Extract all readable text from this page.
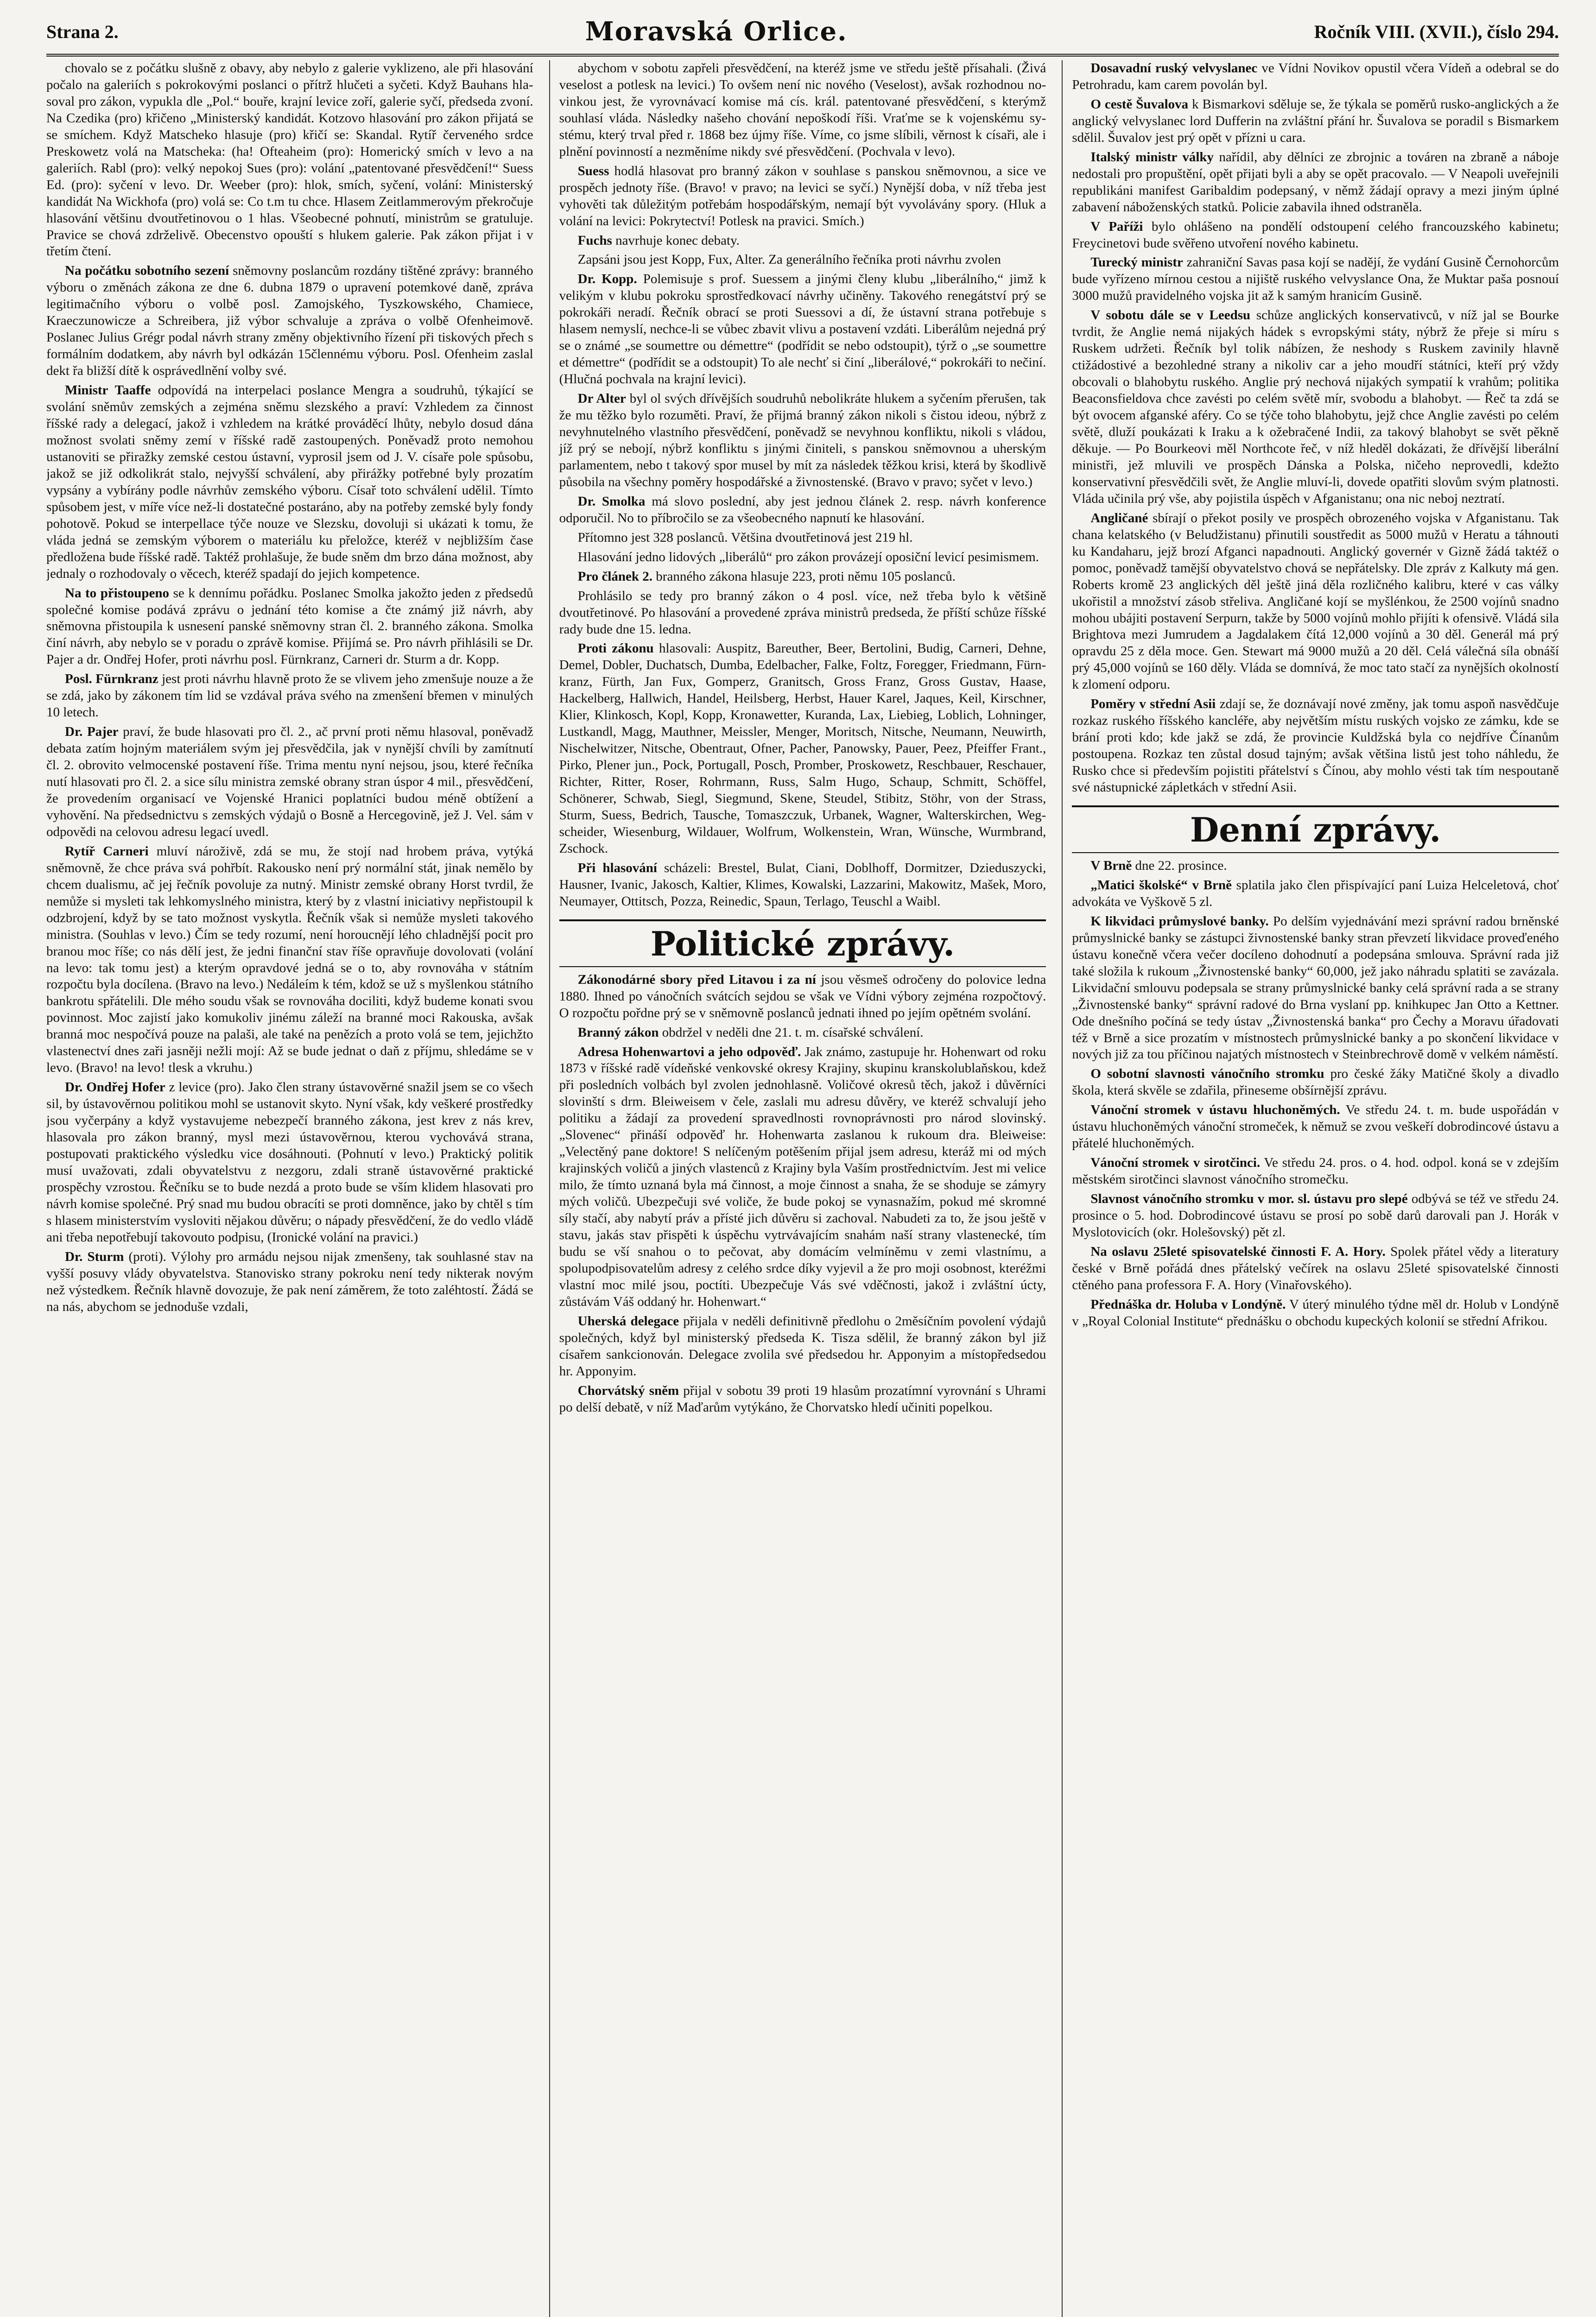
Strana 2.	Moravská Orlice.	Ročník VIII. (XVII.), číslo 294.

chovalo se z počátku slušně z obavy, aby nebylo z galerie vyklizeno, ale při hlasování počalo na galeriích s pokrokovými poslanci o přítrž hlučeti a syčeti. Když Bauhans hlasoval pro zákon, vypukla dle „Pol.“ bouře, krajní levice zoří, galerie syčí, předseda zvoní. Na Czedika (pro) křičeno „Ministerský kandidát. Kotzovo hlasování pro zákon přijatá se se smíchem. Když Matscheko hlasuje (pro) křičí se: Skandal. Rytíř červeného srdce Preskowetz volá na Matschekа: (ha! Ofteaheim (pro): Homerický smích v levo a na galeriích. Rabl (pro): velký nepokoj Sues (pro): volání „patentované přesvědčení!“ Suess Ed. (pro): syčení v levo. Dr. Weeber (pro): hlok, smích, syčení, volání: Ministerský kandidát Na Wickhofa (pro) volá se: Co t.m tu chce. Hlasem Zeitlammerovým překročuje hlasování většinu dvoutřetinovou o 1 hlas. Všeobecné pohnutí, ministrům se gratuluje. Pravice se chová zdrželivě. Obecenstvo opouští s hlukem galerie. Pak zákon přijat i v třetím čtení.

Na počátku sobotního sezení sněmovny poslancům rozdány tištěné zprávy: branného výboru o změnách zákona ze dne 6. dubna 1879 o upravení potemkové daně, zpráva legitimačního výboru o volbě posl. Zamojského, Tyszkowského, Chamiece, Kraeczunowicze a Schreibera, již výbor schvaluje a zpráva o volbě Ofenheimově. Poslanec Julius Grégr podal návrh strany změny objektivního řízení při tiskových přech s formálním dodatkem, aby návrh byl odkázán 15člennému výboru. Posl. Ofenheim zaslal dekt řa bližší dítě k osprávedlnění volby své.

Ministr Taaffe odpovídá na interpelaci poslance Mengra a soudruhů, týkající se svolání sněmův zemských a zejména sněmu slezského a praví: Vzhledem za činnost říšské rady a delegací, jakož i vzhledem na krátké prováděcí lhůty, nebylo dosud dána možnost svolati sněmy zemí v říšské radě zastoupených. Poněvadž proto nemohou ustanoviti se přiražky zemské cestou ústavní, vyprosil jsem od J. V. císaře pole spůsobu, jakož se již odkolikrát stalo, nejvyšší schválení, aby přirážky potřebné byly prozatím vypsány a vybírány podle návrhův zemského výboru. Císař toto schválení udělil. Tímto spůsobem jest, v míře více než-li dostatečné postaráno, aby na potřeby zemské byly fondy pohotově. Pokud se interpellace týče nouze ve Slezsku, dovoluji si ukázati k tomu, že vláda jedná se zemským výborem o materiálu ku přeložce, kteréž v nejbližším čase předložena bude říšské radě. Taktéž prohlašuje, že bude sněm dm brzo dána možnost, aby jednaly o rozhodovaly o věcech, kteréž spadají do jejich kompetence.

Na to přistoupeno se k dennímu pořádku. Poslanec Smolka jakožto jeden z předsedů společné komise podává zprávu o jednání této komise a čte známý již návrh, aby sněmovna přistoupila k usnesení panské sněmovny stran čl. 2. branného zákona. Smolka činí návrh, aby nebylo se v poradu o zprávě komise. Přijímá se. Pro návrh přihlásili se Dr. Pajer a dr. Ondřej Hofer, proti návrhu posl. Fürnkranz, Carneri dr. Sturm a dr. Kopp.

Posl. Fürnkranz jest proti návrhu hlavně proto že se vlivem jeho zmenšuje nouze a že se zdá, jako by zákonem tím lid se vzdával práva svého na zmenšení břemen v minulých 10 letech.

Dr. Pajer praví, že bude hlasovati pro čl. 2., ač první proti němu hlasoval, poněvadž debata zatím hojným materiálem svým jej přesvědčila, jak v nynější chvíli by zamítnutí čl. 2. obrovito velmocenské postavení říše. Trima mentu nyní nejsou, jsou, které řečníka nutí hlasovati pro čl. 2. a sice sílu ministra zemské obrany stran úspor 4 mil., přesvědčení, že provedením organisací ve Vojenské Hranici poplatníci budou méně obtížení a vyhovění. Na předsednictvu s zemských výdajů o Bosně a Hercegovině, jež J. Vel. sám v odpovědi na celovou adresu legací uvedl.

Rytíř Carneri mluví nároživě, zdá se mu, že stojí nad hrobem práva, vytýká sněmovně, že chce práva svá pohřbít. Rakousko není prý normální stát, jinak nemělo by chcem dualismu, ač jej řečník povoluje za nutný. Ministr zemské obrany Horst tvrdil, že nemůže si mysleti tak lehkomyslného ministra, který by z vlastní iniciativy nepřistoupil k odzbrojení, když by se tato možnost vyskytla. Řečník však si nemůže mysleti takového ministra. (Souhlas v levo.) Čím se tedy rozumí, není horoucnějí lého chladnější pocit pro branou moc říše; co nás dělí jest, že jedni finanční stav říše opravňuje dovolovati (volání na levo: tak tomu jest) a kterým opravdové jedná se o to, aby rovnováha v státním rozpočtu byla docílena. (Bravo na levo.) Nedáleím k tém, kdož se už s myšlenkou státního bankrotu spřátelili. Dle mého soudu však se rovnováha dociliti, když budeme konati svou povinnost. Moc zajistí jako komukoliv jinému záleží na branné moci Rakouska, avšak branná moc nespočívá pouze na palaši, ale také na penězích a proto volá se tem, jejichžto vlastenectví dnes zaři jasněji nežli mojí: Až se bude jednat o daň z příjmu, shledáme se v levo. (Bravo! na levo! tlesk a vkruhu.)

Dr. Ondřej Hofer z levice (pro). Jako člen strany ústavověrné snažil jsem se co všech sil, by ústavověrnou politikou mohl se ustanovit skyto. Nyní však, kdy veškeré prostředky jsou vyčerpány a když vystavujeme nebezpečí branného zákona, jest krev z nás krev, hlasovala pro zákon branný, mysl mezi ústavověrnou, kterou vychovává strana, postupovati praktického výsledku vice dosáhnouti. (Pohnutí v levo.) Praktický politik musí uvažovati, zdali obyvatelstvu z nezgoru, zdali straně ústavověrné praktické prospěchy vzrostou. Řečníku se to bude nezdá a proto bude se vším klidem hlasovati pro návrh komise společné. Prý snad mu budou obracíti se proti domněnce, jako by chtěl s tím s hlasem ministerstvím vysloviti nějakou důvěru; o nápady přesvědčení, že do vedlo vládě ani třeba nepotřebují takovouto podpisu, (Ironické volání na pravici.)

Dr. Sturm (proti). Výlohy pro armádu nejsou nijak zmenšeny, tak souhlasné stav na vyšší posuvy vlády obyvatelstva. Stanovisko strany pokroku není tedy nikterak novým než výstedkem. Řečník hlavně dovozuje, že pak není záměrem, že toto zaléhtostí. Žádá se na nás, abychom se jednoduše vzdali,

abychom v sobotu zapřeli přesvědčení, na kteréž jsme ve středu ještě přísahali. (Živá veselost a potlesk na levici.) To ovšem není nic nového (Veselost), avšak rozhodnou novinkou jest, že vyrovnávací komise má cís. král. patentované přesvědčení, s kterýmž souhlasí vláda. Následky našeho chování nepoškodí říši. Vraťme se k vojenskému systému, který trval před r. 1868 bez újmy říše. Víme, co jsme slíbili, věrnost k císaři, ale i plnění povinností a nezměníme nikdy své přesvědčení. (Pochvala v levo).

Suess hodlá hlasovat pro branný zákon v souhlase s panskou sněmovnou, a sice ve prospěch jednoty říše. (Bravo! v pravo; na levici se syčí.) Nynější doba, v níž třeba jest vyhověti tak důležitým potřebám hospodářským, nemají být vyvolávány spory. (Hluk a volání na levici: Pokrytectví! Potlesk na pravici. Smích.)

Fuchs navrhuje konec debaty.

Zapsáni jsou jest Kopp, Fux, Alter. Za generálního řečníka proti návrhu zvolen

Dr. Kopp. Polemisuje s prof. Suessem a jinými členy klubu „liberálního,“ jimž k velikým v klubu pokroku sprostředkovací návrhy učiněny. Takového renegátství prý se pokrokáři neradí. Řečník obrací se proti Suessovi a dí, že ústavní strana potřebuje s hlasem nemyslí, nechce-li se vůbec zbavit vlivu a postavení vzdáti. Liberálům nejedná prý se o známé „se soumettre ou démettre“ (podřídit se nebo odstoupit), týrž o „se soumettre et démettre“ (podřídit se a odstoupit) To ale nechť si činí „liberálové,“ pokrokáři to nečiní. (Hlučná pochvala na krajní levici).

Dr Alter byl ol svých dřívějších soudruhů nebolikráte hlukem a syčením přerušen, tak že mu těžko bylo rozuměti. Praví, že přijmá branný zákon nikoli s čistou ideou, nýbrž z nevyhnutelného vlastního přesvědčení, poněvadž se nevyhnou konfliktu, nikoli s vládou, jíž prý se nebojí, nýbrž konfliktu s jinými činiteli, s panskou sněmovnou a uherským parlamentem, nebo t takový spor musel by mít za následek těžkou krisi, která by škodlivě působila na všechny poměry hospodářské a živnostenské. (Bravo v pravo; syčet v levo.)

Dr. Smolka má slovo poslední, aby jest jednou článek 2. resp. návrh konference odporučil. No to příbročilo se za všeobecného napnutí ke hlasování.

Přítomno jest 328 poslanců. Většina dvoutřetinová jest 219 hl.

Hlasování jedno lidových „liberálů“ pro zákon provázejí oposiční levicí pesimismem.

Pro článek 2. branného zákona hlasuje 223, proti němu 105 poslanců.

Prohlásilo se tedy pro branný zákon o 4 posl. více, než třeba bylo k většině dvoutřetinové. Po hlasování a provedené zpráva ministrů predseda, že příští schůze říšské rady bude dne 15. ledna.

Proti zákonu hlasovali: Auspitz, Bareuther, Beer, Bertolini, Budig, Carneri, Dehne, Demel, Dobler, Duchatsch, Dumba, Edelbacher, Falke, Foltz, Foregger, Friedmann, Fürnkranz, Fürth, Jan Fux, Gomperz, Granitsch, Gross Franz, Gross Gustav, Haase, Hackelberg, Hallwich, Handel, Heilsberg, Herbst, Hauer Karel, Jaques, Keil, Kirschner, Klier, Klinkosch, Kopl, Kopp, Kronawetter, Kuranda, Lax, Liebieg, Loblich, Lohninger, Lustkandl, Magg, Mauthner, Meissler, Menger, Moritsch, Nitsche, Neumann, Neuwirth, Nischelwitzer, Nitsche, Obentraut, Ofner, Pacher, Panowsky, Pauer, Peez, Pfeiffer Frant., Pirko, Plener jun., Pock, Portugall, Posch, Promber, Proskowetz, Reschbauer, Reschauer, Richter, Ritter, Roser, Rohrmann, Russ, Salm Hugo, Schaup, Schmitt, Schöffel, Schönerer, Schwab, Siegl, Siegmund, Skene, Steudel, Stibitz, Stöhr, von der Strass, Sturm, Suess, Bedrich, Tausche, Tomaszczuk, Urbanek, Wagner, Walterskirchen, Wegscheider, Wiesenburg, Wildauer, Wolfrum, Wolkenstein, Wran, Wünsche, Wurmbrand, Zschock.

Při hlasování scházeli: Brestel, Bulat, Ciani, Doblhoff, Dormitzer, Dzieduszycki, Hausner, Ivanic, Jakosch, Kaltier, Klimes, Kowalski, Lazzarini, Makowitz, Mašek, Moro, Neumayer, Ottitsch, Pozza, Reinedic, Spaun, Terlago, Teuschl a Waibl.

Politické zprávy.

Zákonodárné sbory před Litavou i za ní jsou věsmeš odročeny do polovice ledna 1880. Ihned po vánočních svátcích sejdou se však ve Vídni výbory zejména rozpočtový. O rozpočtu pořdne prý se v sněmovně poslanců jednati ihned po jejím opětném svolání.

Branný zákon obdržel v neděli dne 21. t. m. císařské schválení.

Adresa Hohenwartovi a jeho odpověď. Jak známo, zastupuje hr. Hohenwart od roku 1873 v říšské radě vídeňské venkovské okresy Krajiny, skupinu kranskolublaňskou, kdež při posledních volbách byl zvolen jednohlasně. Voličové okresů těch, jakož i důvěrníci slovinští s drm. Bleiweisem v čele, zaslali mu adresu důvěry, ve kteréž schvalují jeho politiku a žádají za provedení spravedlnosti rovnoprávnosti pro národ slovinský. „Slovenec“ přináší odpověď hr. Hohenwarta zaslanou k rukoum dra. Bleiweise: „Velectěný pane doktore! S nelíčeným potěšením přijal jsem adresu, kteráž mi od mých krajinských voličů a jiných vlastenců z Krajiny byla Vaším prostřednictvím. Jest mi velice milo, že tímto uznaná byla má činnost, a moje činnost a snaha, že se shoduje se zámyry mých voličů. Ubezpečuji své voliče, že bude pokoj se vynasnažím, pokud mé skromné síly stačí, aby nabytí práv a přísté jich důvěru si zachoval. Nabudeti za to, že jsou ještě v stavu, jakás stav přispěti k úspěchu vytrvávajícím snahám naší strany vlastenecké, tím budu se vší snahou o to pečovat, aby domácím velmíněmu v zemi vlastnímu, a spolupodpisovatelům adresy z celého srdce díky vyjevil a že pro moji osobnost, kteréžmi vlastní moc milé jsou, poctíti. Ubezpečuje Vás své vděčnosti, jakož i zvláštní úcty, zůstávám Váš oddaný hr. Hohenwart.“

Uherská delegace přijala v neděli definitivně předlohu o 2měsíčním povolení výdajů společných, když byl ministerský předseda K. Tisza sdělil, že branný zákon byl již císařem sankcionován. Delegace zvolila své předsedou hr. Apponyim a místopředsedou hr. Apponyim.

Chorvátský sněm přijal v sobotu 39 proti 19 hlasům prozatímní vyrovnání s Uhrami po delší debatě, v níž Maďarům vytýkáno, že Chorvatsko hledí učiniti popelkou.

Dosavadní ruský velvyslanec ve Vídni Novikov opustil včera Vídeň a odebral se do Petrohradu, kam carem povolán byl.

O cestě Šuvalova k Bismarkovi sděluje se, že týkala se poměrů rusko-anglických a že anglický velvyslanec lord Dufferin na zvláštní přání hr. Šuvalova se poradil s Bismarkem sdělil. Šuvalov jest prý opět v přízni u cara.

Italský ministr války nařídil, aby dělníci ze zbrojnic a továren na zbraně a náboje nedostali pro propuštění, opět přijati byli a aby se opět pracovalo. — V Neapoli uveřejnili republikáni manifest Garibaldim podepsaný, v němž žádají opravy a mezi jiným úplné zabavení náboženských statků. Policie zabavila ihned odstraněla.

V Paříži bylo ohlášeno na pondělí odstoupení celého francouzského kabinetu; Freycinetovi bude svěřeno utvoření nového kabinetu.

Turecký ministr zahraniční Savas pasa kojí se nadějí, že vydání Gusině Černohorcům bude vyřízeno mírnou cestou a nijiště ruského velvyslance Ona, že Muktar paša posnouí 3000 mužů pravidelného vojska jit až k samým hranicím Gusině.

V sobotu dále se v Leedsu schůze anglických konservativců, v níž jal se Bourke tvrdit, že Anglie nemá nijakých hádek s evropskými státy, nýbrž že přeje si míru s Ruskem udržeti. Řečník byl tolik nábízen, že neshody s Ruskem zavinily hlavně ctižádostivé a bezohledné strany a nikoliv car a jeho moudří státníci, kteří prý vždy obcovali o blahobytu ruského. Anglie prý nechová nijakých sympatií k vrahům; politika Beaconsfieldova chce zavésti po celém světě mír, svobodu a blahobyt. — Řeč ta zdá se být ovocem afganské aféry. Co se týče toho blahobytu, jejž chce Anglie zavésti po celém světě, dluží poukázati k Iraku a k ožebračené Indii, za takový blahobyt se svět pěkně děkuje. — Po Bourkeovi měl Northcote řeč, v níž hleděl dokázati, že dřívější liberální ministři, jež mluvili ve prospěch Dánska a Polska, ničeho neprovedli, kdežto konservativní přesvědčili svět, že Anglie mluví-li, dovede opatřiti slovům svým platnosti. Vláda učinila prý vše, aby pojistila úspěch v Afganistanu; ona nic neboj neztratí.

Angličané sbírají o překot posily ve prospěch obrozeného vojska v Afganistanu. Tak chana kelatského (v Beludžistanu) přinutili soustředit as 5000 mužů v Heratu a táhnouti ku Kandaharu, jejž brozí Afganci napadnouti. Anglický governér v Gizně žádá taktéž o pomoc, poněvadž tamější obyvatelstvo chová se nepřátelsky. Dle zpráv z Kalkuty má gen. Roberts kromě 23 anglických děl ještě jiná děla rozličného kalibru, které v cas války ukořistil a množství zásob střeliva. Angličané kojí se myšlénkou, že 2500 vojínů snadno mohou ubájiti postavení Serpurn, takže by 5000 vojínů mohlo přijíti k ofensivě. Vládá sila Brightova mezi Jumrudem a Jagdalakem čítá 12,000 vojínů a 30 děl. Generál má prý opravdu 25 z děla moce. Gen. Stewart má 9000 mužů a 20 děl. Celá válečná síla obnáší prý 45,000 vojínů se 160 děly. Vláda se domnívá, že moc tato stačí za nynějších okolností k zlomení odporu.

Poměry v střední Asii zdají se, že doznávají nové změny, jak tomu aspoň nasvědčuje rozkaz ruského říšského kancléře, aby největším místu ruských vojsko ze zámku, kde se brání proti kdo; kde jakž se zdá, že provincie Kuldžská byla co nejdříve Čínanům postoupena. Rozkaz ten zůstal dosud tajným; avšak většina listů jest toho náhledu, že Rusko chce si především pojistiti přátelství s Čínou, aby mohlo vésti tak tím nespoutaně své nástupnické zápletkách v střední Asii.

Denní zprávy.

V Brně dne 22. prosince.

„Matici školské“ v Brně splatila jako člen přispívající paní Luiza Helceletová, choť advokáta ve Vyškově 5 zl.

K likvidaci průmyslové banky. Po delším vyjednávání mezi správní radou brněnské průmyslnické banky se zástupci živnostenské banky stran převzetí likvidace proveďeného ústavu konečně včera večer docíleno dohodnutí a podepsána smlouva. Správní rada již také složila k rukoum „Živnostenské banky“ 60,000, jež jako náhradu splatiti se zavázala. Likvidační smlouvu podepsala se strany průmyslnické banky celá správní rada a se strany „Živnostenské banky“ správní radové do Brna vyslaní pp. knihkupec Jan Otto a Kettner. Ode dnešního počíná se tedy ústav „Živnostenská banka“ pro Čechy a Moravu úřadovati též v Brně a sice prozatím v místnostech průmyslnické banky a po skončení likvidace v nových již za tou příčinou najatých místnostech v Steinbrechrově domě v velkém náměstí.

O sobotní slavnosti vánočního stromku pro české žáky Matičné školy a divadlo škola, která skvěle se zdařila, přineseme obšírnější zprávu.

Vánoční stromek v ústavu hluchoněmých. Ve středu 24. t. m. bude uspořádán v ústavu hluchoněmých vánoční stromeček, k němuž se zvou veškeří dobrodincové ústavu a přátelé hluchoněmých.

Vánoční stromek v sirotčinci. Ve středu 24. pros. o 4. hod. odpol. koná se v zdejším městském sirotčinci slavnost vánočního stromečku.

Slavnost vánočního stromku v mor. sl. ústavu pro slepé odbývá se též ve středu 24. prosince o 5. hod. Dobrodincové ústavu se prosí po sobě darů darovali pan J. Horák v Myslotovicích (okr. Holešovský) pět zl.

Na oslavu 25leté spisovatelské činnosti F. A. Hory. Spolek přátel vědy a literatury české v Brně pořádá dnes přátelský večírek na oslavu 25leté spisovatelské činnosti ctěného pana professora F. A. Hory (Vinařovského).

Přednáška dr. Holuba v Londýně. V úterý minulého týdne měl dr. Holub v Londýně v „Royal Colonial Institute“ přednášku o obchodu kupeckých kolonií se střední Afrikou.
